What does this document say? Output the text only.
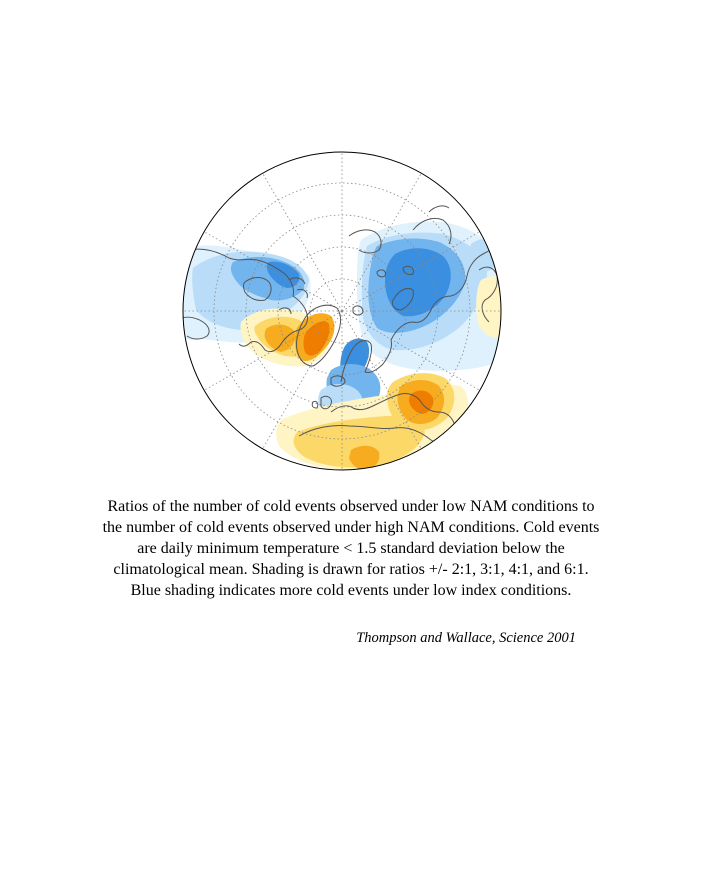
Ratios of the number of cold events observed under low NAM conditions to the number of cold events observed under high NAM conditions. Cold events are daily minimum temperature < 1.5 standard deviation below the climatological mean. Shading is drawn for ratios +/- 2:1, 3:1, 4:1, and 6:1. Blue shading indicates more cold events under low index conditions.
Thompson and Wallace, Science 2001
